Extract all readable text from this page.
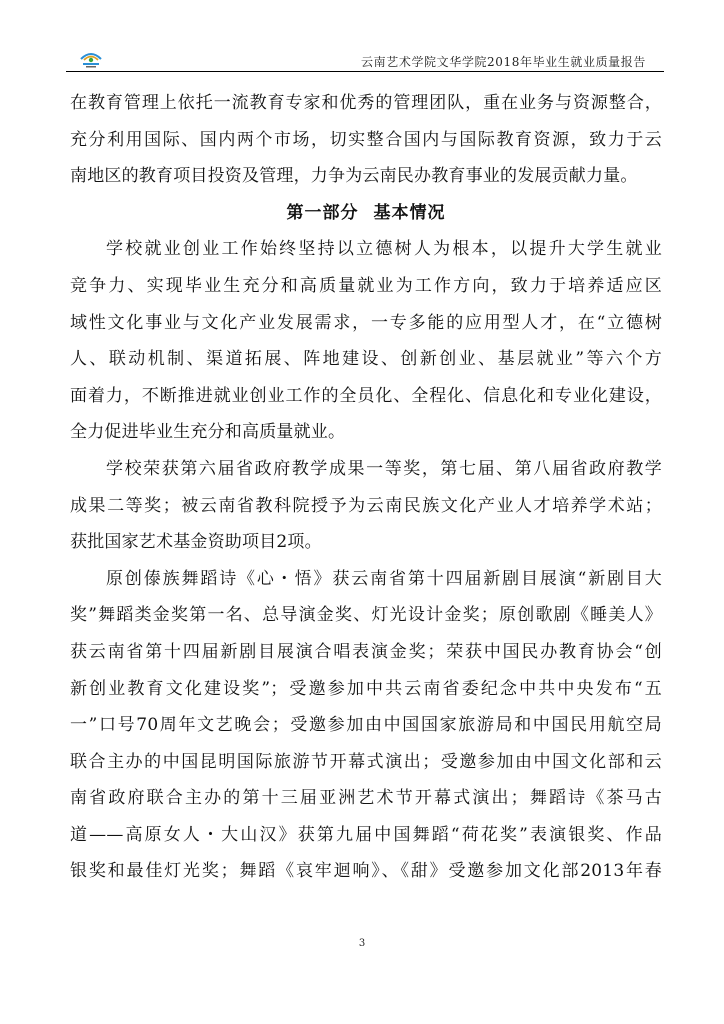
云南艺术学院文华学院2018年毕业生就业质量报告

在教育管理上依托一流教育专家和优秀的管理团队，重在业务与资源整合，

充分利用国际、国内两个市场，切实整合国内与国际教育资源，致力于云

南地区的教育项目投资及管理，力争为云南民办教育事业的发展贡献力量。

第一部分 基本情况

学校就业创业工作始终坚持以立德树人为根本，以提升大学生就业

竞争力、实现毕业生充分和高质量就业为工作方向，致力于培养适应区

域性文化事业与文化产业发展需求，一专多能的应用型人才，在“立德树

人、联动机制、渠道拓展、阵地建设、创新创业、基层就业”等六个方

面着力，不断推进就业创业工作的全员化、全程化、信息化和专业化建设，

全力促进毕业生充分和高质量就业。

学校荣获第六届省政府教学成果一等奖，第七届、第八届省政府教学

成果二等奖；被云南省教科院授予为云南民族文化产业人才培养学术站；

获批国家艺术基金资助项目2项。

原创傣族舞蹈诗《心・悟》获云南省第十四届新剧目展演“新剧目大

奖”舞蹈类金奖第一名、总导演金奖、灯光设计金奖；原创歌剧《睡美人》

获云南省第十四届新剧目展演合唱表演金奖；荣获中国民办教育协会“创

新创业教育文化建设奖”；受邀参加中共云南省委纪念中共中央发布“五

一”口号70周年文艺晚会；受邀参加由中国国家旅游局和中国民用航空局

联合主办的中国昆明国际旅游节开幕式演出；受邀参加由中国文化部和云

南省政府联合主办的第十三届亚洲艺术节开幕式演出；舞蹈诗《茶马古

道——高原女人・大山汉》获第九届中国舞蹈“荷花奖”表演银奖、作品

银奖和最佳灯光奖；舞蹈《哀牢迴响》、《甜》受邀参加文化部2013年春

3
